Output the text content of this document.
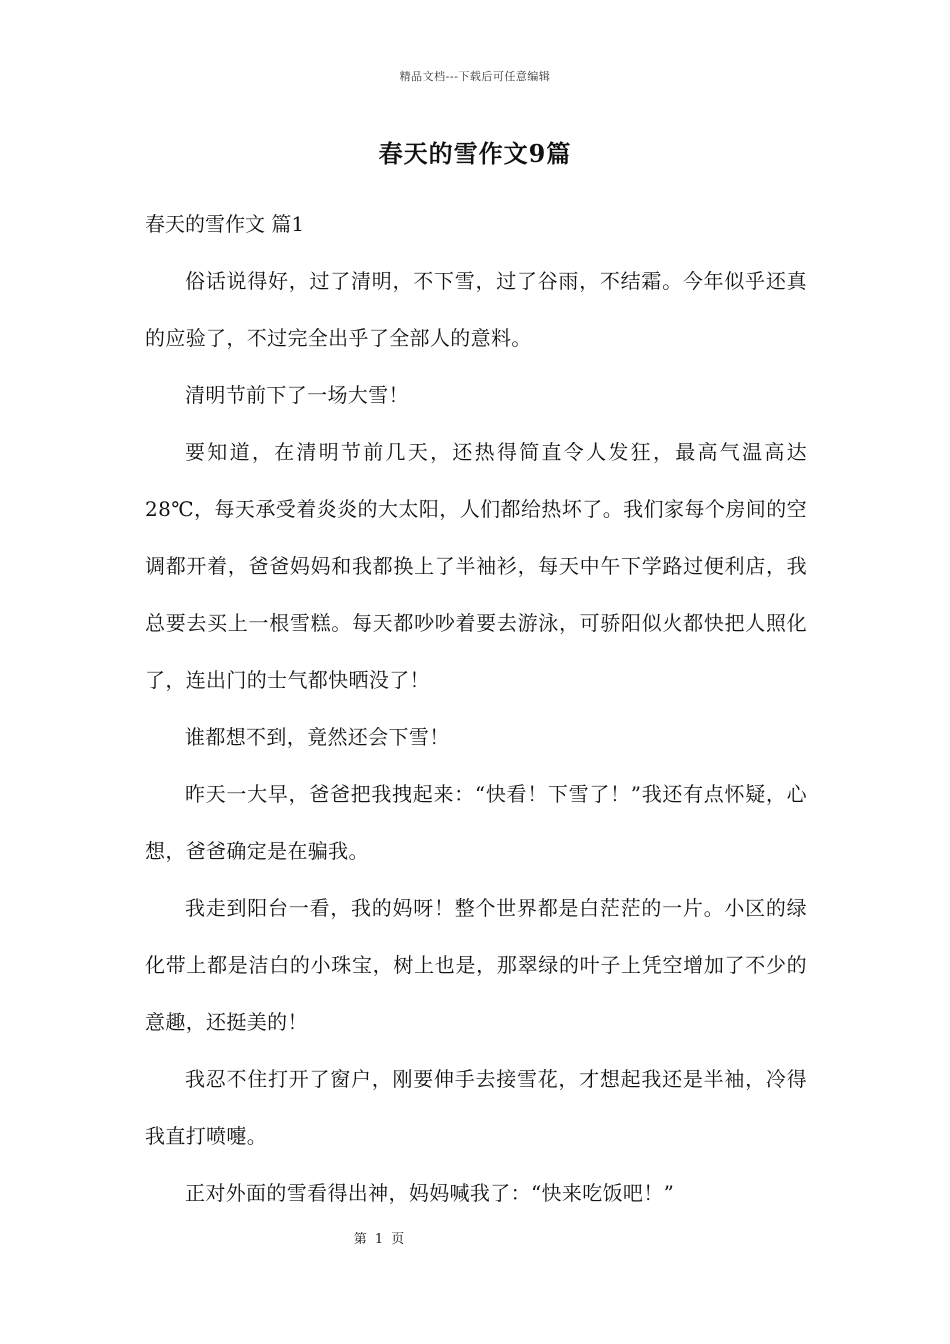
精品文档---下载后可任意编辑
春天的雪作文9篇

春天的雪作文 篇1

俗话说得好，过了清明，不下雪，过了谷雨，不结霜。今年似乎还真的应验了，不过完全出乎了全部人的意料。

清明节前下了一场大雪！

要知道，在清明节前几天，还热得简直令人发狂，最高气温高达28℃，每天承受着炎炎的大太阳，人们都给热坏了。我们家每个房间的空调都开着，爸爸妈妈和我都换上了半袖衫，每天中午下学路过便利店，我总要去买上一根雪糕。每天都吵吵着要去游泳，可骄阳似火都快把人照化了，连出门的士气都快晒没了！

谁都想不到，竟然还会下雪！

昨天一大早，爸爸把我拽起来：“快看！下雪了！”我还有点怀疑，心想，爸爸确定是在骗我。

我走到阳台一看，我的妈呀！整个世界都是白茫茫的一片。小区的绿化带上都是洁白的小珠宝，树上也是，那翠绿的叶子上凭空增加了不少的意趣，还挺美的！

我忍不住打开了窗户，刚要伸手去接雪花，才想起我还是半袖，冷得我直打喷嚏。

正对外面的雪看得出神，妈妈喊我了：“快来吃饭吧！”

第 1 页
